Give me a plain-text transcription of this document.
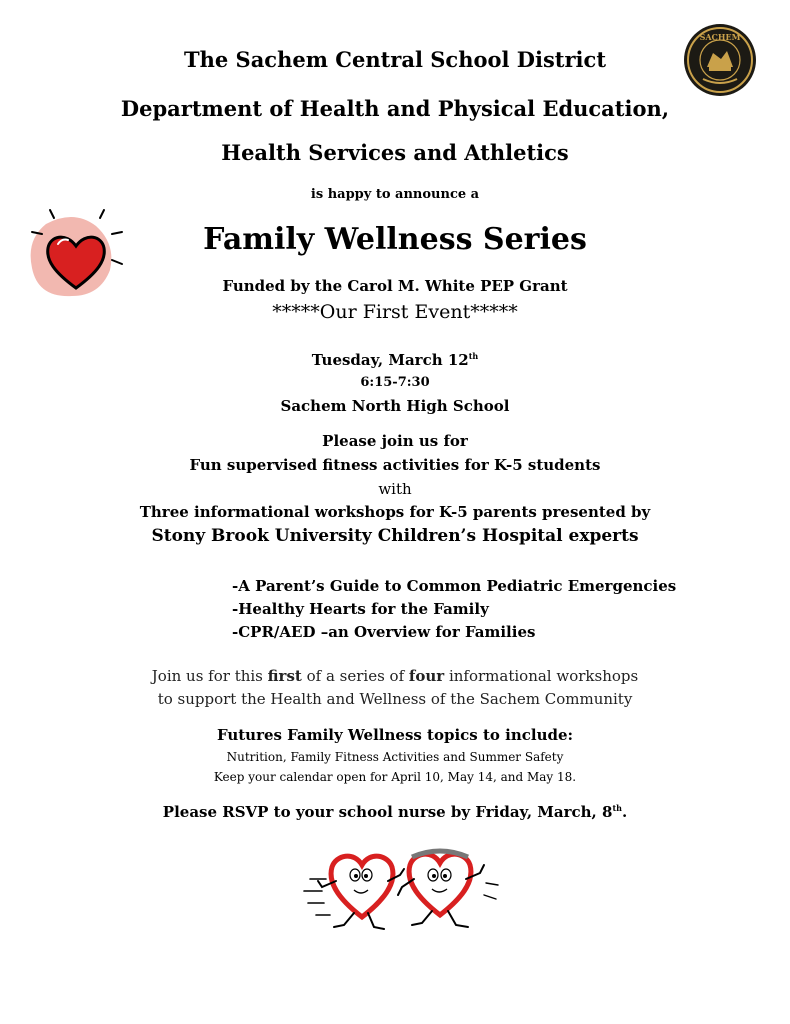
SACHEM
The Sachem Central School District
Department of Health and Physical Education,
Health Services and Athletics
is happy to announce a
Family Wellness Series
Funded by the Carol M. White PEP Grant
*****Our First Event*****
Tuesday, March 12th
6:15-7:30
Sachem North High School
Please join us for
Fun supervised fitness activities for K-5 students
with
Three informational workshops for K-5 parents presented by
Stony Brook University Children’s Hospital experts
-A Parent’s Guide to Common Pediatric Emergencies
-Healthy Hearts for the Family
-CPR/AED –an Overview for Families
Join us for this first of a series of four informational workshops
to support the Health and Wellness of the Sachem Community
Futures Family Wellness topics to include:
Nutrition, Family Fitness Activities and Summer Safety
Keep your calendar open for April 10, May 14, and May 18.
Please RSVP to your school nurse by Friday, March, 8th.
